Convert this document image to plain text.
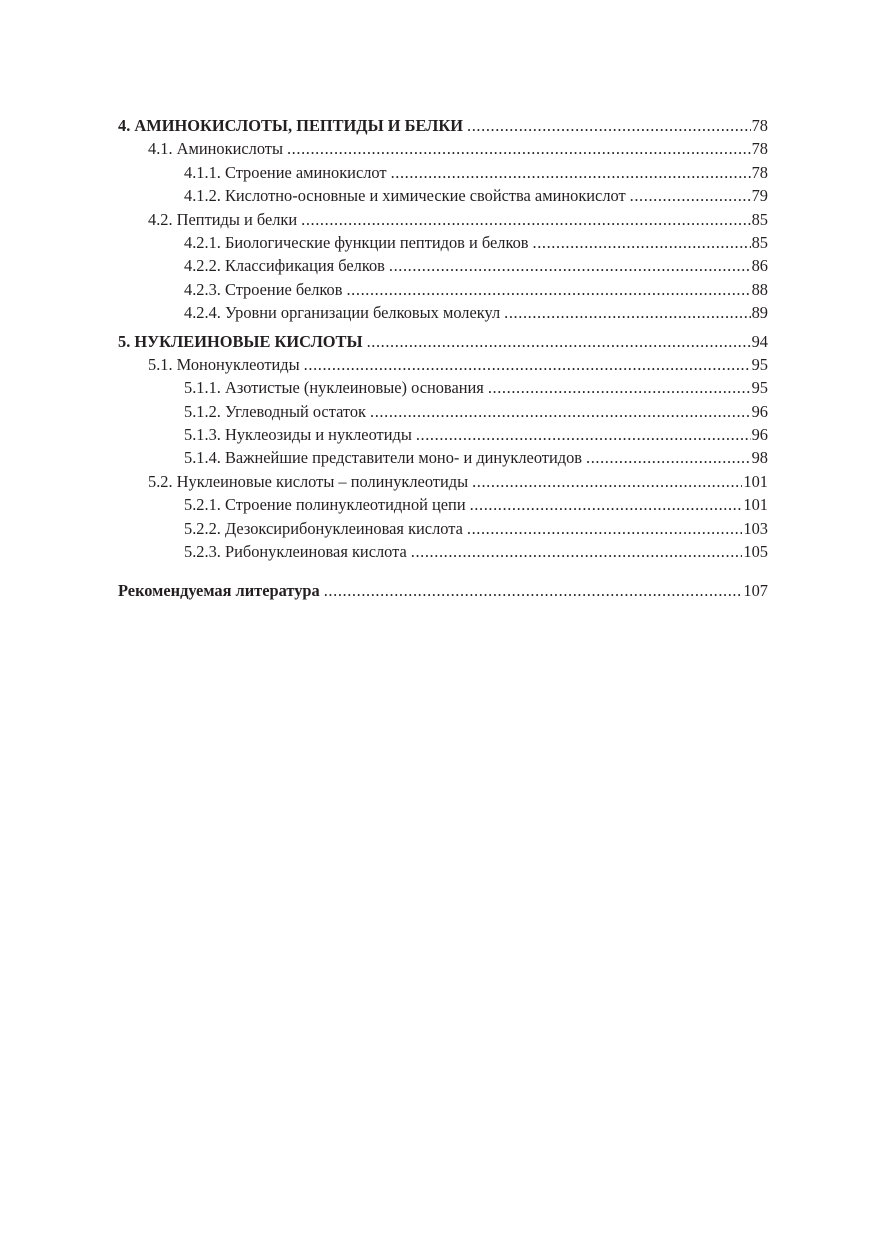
4. АМИНОКИСЛОТЫ, ПЕПТИДЫ И БЕЛКИ .....	78
4.1. Аминокислоты .....	78
4.1.1. Строение аминокислот .....	78
4.1.2. Кислотно-основные и химические свойства аминокислот .....	79
4.2. Пептиды и белки .....	85
4.2.1. Биологические функции пептидов и белков .....	85
4.2.2. Классификация белков .....	86
4.2.3. Строение белков .....	88
4.2.4. Уровни организации белковых молекул .....	89
5. НУКЛЕИНОВЫЕ КИСЛОТЫ .....	94
5.1. Мононуклеотиды .....	95
5.1.1. Азотистые (нуклеиновые) основания .....	95
5.1.2. Углеводный остаток .....	96
5.1.3. Нуклеозиды и нуклеотиды .....	96
5.1.4. Важнейшие представители моно- и динуклеотидов .....	98
5.2. Нуклеиновые кислоты – полинуклеотиды .....	101
5.2.1. Строение полинуклеотидной цепи .....	101
5.2.2. Дезоксирибонуклеиновая кислота .....	103
5.2.3. Рибонуклеиновая кислота .....	105
Рекомендуемая литература .....	107
